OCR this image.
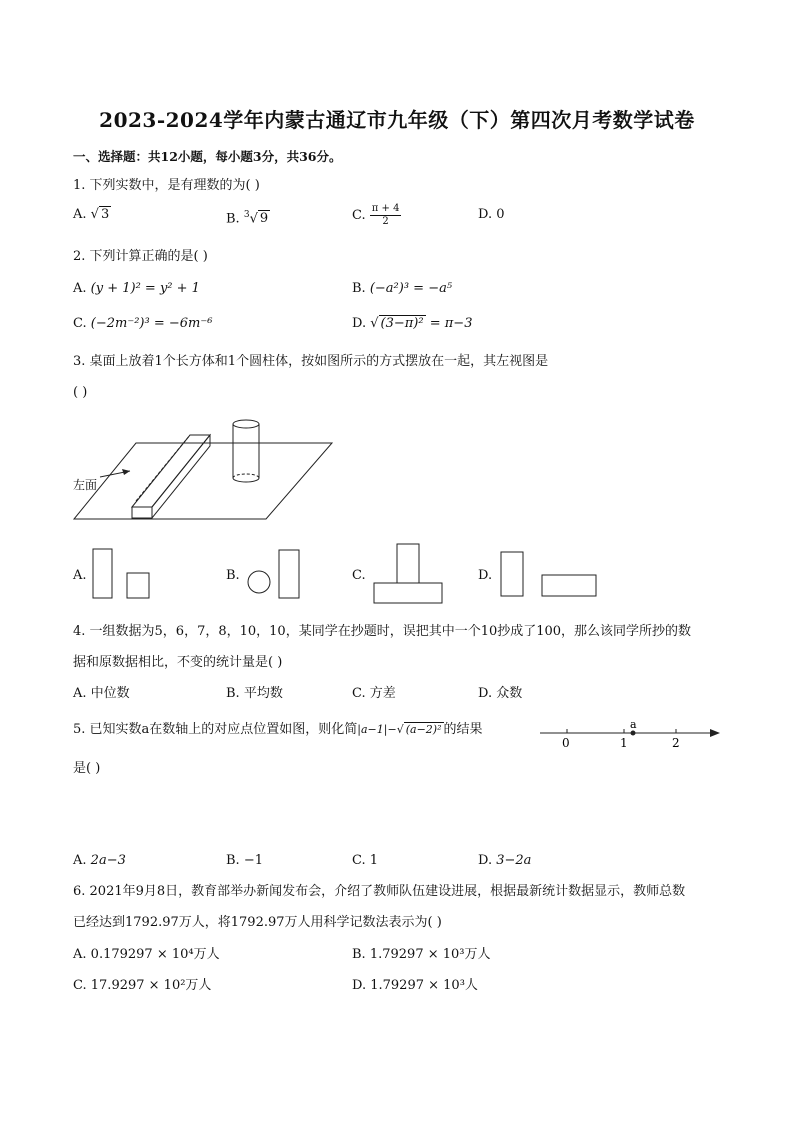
2023-2024学年内蒙古通辽市九年级（下）第四次月考数学试卷
一、选择题：共12小题，每小题3分，共36分。
1. 下列实数中，是有理数的为( )
A. √ 3	B. $^3$√ 9	C. $\frac{\pi + 4}{2}$	D. 0
2. 下列计算正确的是( )
A. (y + 1)² = y² + 1	B. (−a²)³ = −a⁵
C. (−2m⁻²)³ = −6m⁻⁶	D. √ (3−π)² = π−3
3. 桌面上放着1个长方体和1个圆柱体，按如图所示的方式摆放在一起，其左视图是
( )
左面
A.	B.	C.	D.
4. 一组数据为5，6，7，8，10，10，某同学在抄题时，误把其中一个10抄成了100，那么该同学所抄的数
据和原数据相比，不变的统计量是( )
A. 中位数	B. 平均数	C. 方差	D. 众数
5. 已知实数a在数轴上的对应点位置如图，则化简|a−1|−√ (a−2)² 的结果
是( )
0	1	2
a
A. 2a−3	B. −1	C. 1	D. 3−2a
6. 2021年9月8日，教育部举办新闻发布会，介绍了教师队伍建设进展，根据最新统计数据显示，教师总数
已经达到1792.97万人，将1792.97万人用科学记数法表示为( )
A. 0.179297 × 10⁴万人	B. 1.79297 × 10³万人
C. 17.9297 × 10²万人	D. 1.79297 × 10³人
